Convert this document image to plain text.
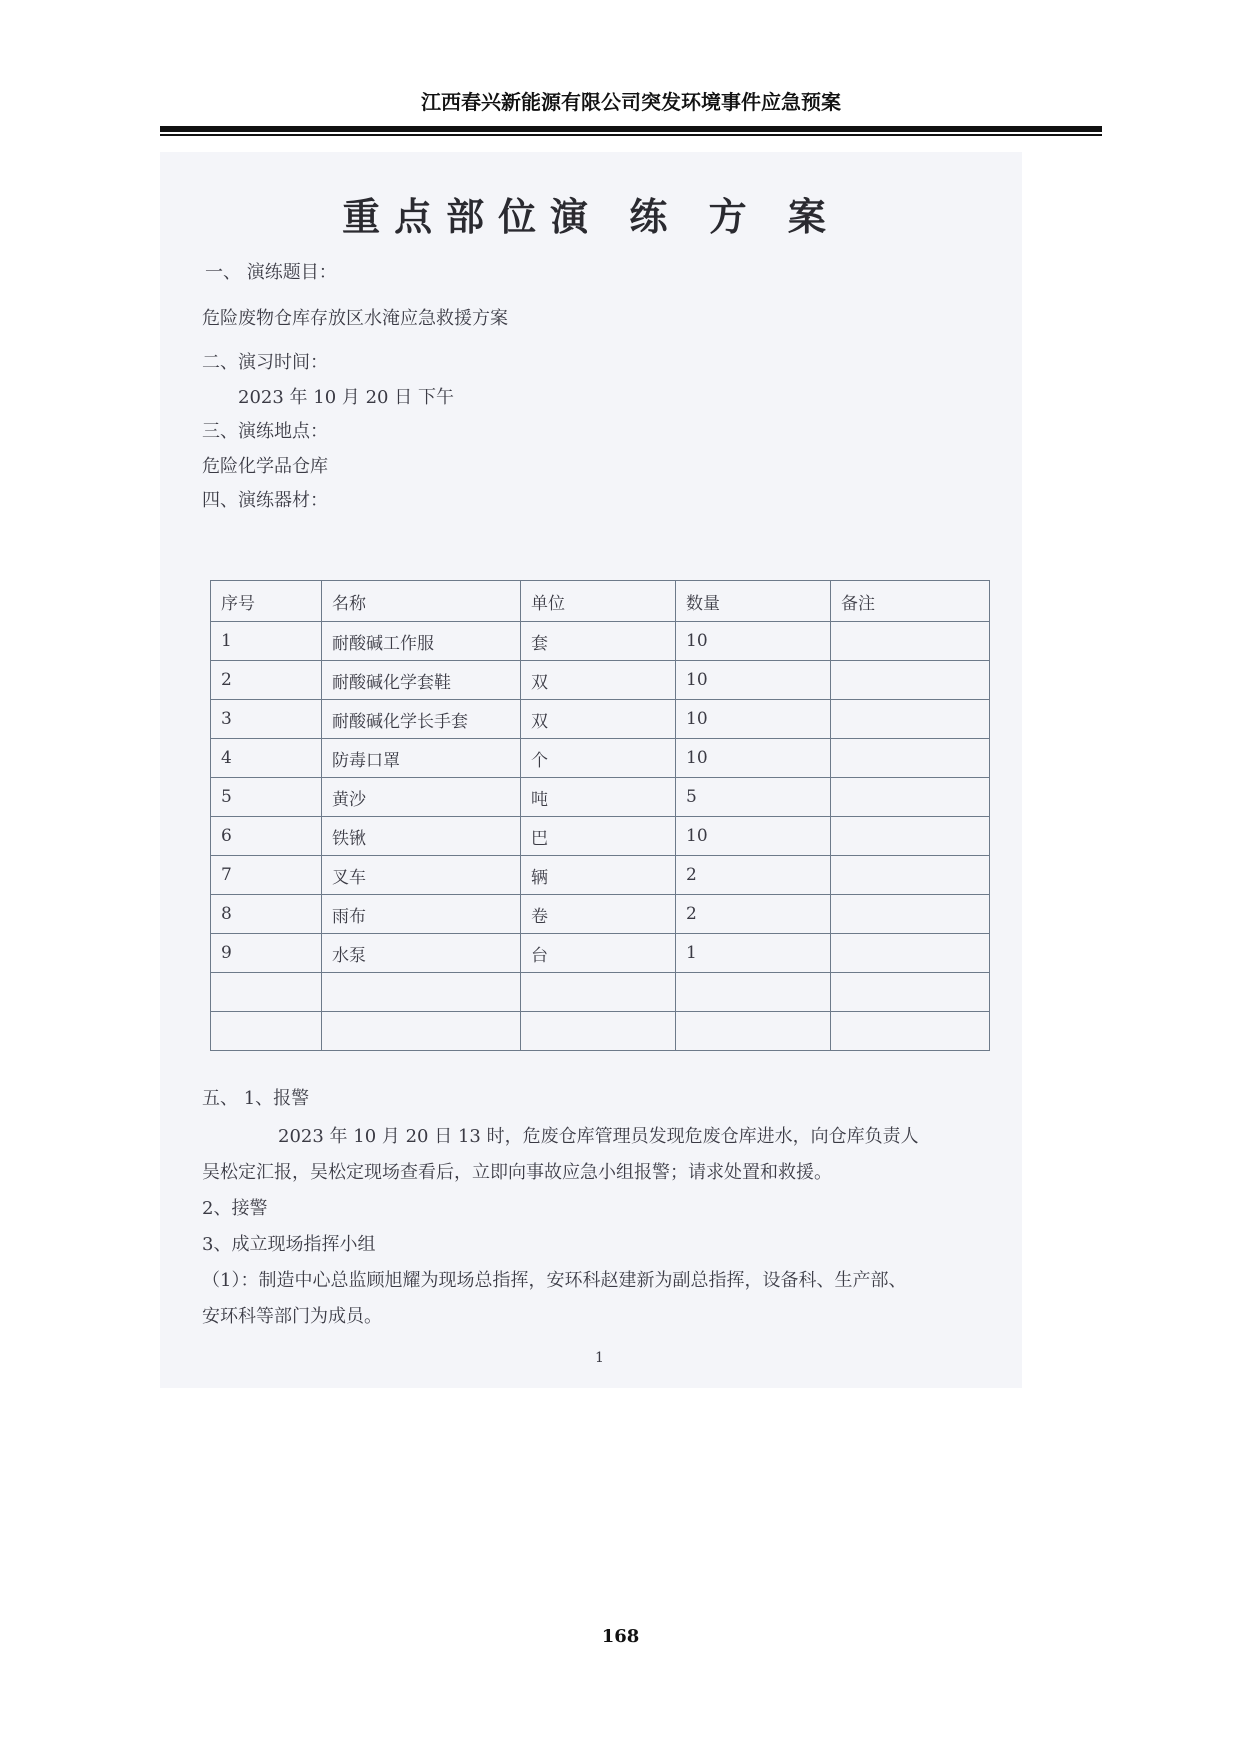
江西春兴新能源有限公司突发环境事件应急预案
重点部位演 练 方 案
一、 演练题目：
危险废物仓库存放区水淹应急救援方案
二、演习时间：
2023 年 10 月 20 日 下午
三、演练地点：
危险化学品仓库
四、演练器材：
序号	名称	单位	数量	备注
1	耐酸碱工作服	套	10	
2	耐酸碱化学套鞋	双	10	
3	耐酸碱化学长手套	双	10	
4	防毒口罩	个	10	
5	黄沙	吨	5	
6	铁锹	巴	10	
7	叉车	辆	2	
8	雨布	卷	2	
9	水泵	台	1	

五、 1、报警
2023 年 10 月 20 日 13 时，危废仓库管理员发现危废仓库进水，向仓库负责人
吴松定汇报，吴松定现场查看后，立即向事故应急小组报警；请求处置和救援。
2、接警
3、成立现场指挥小组
（1）：制造中心总监顾旭耀为现场总指挥，安环科赵建新为副总指挥，设备科、生产部、
安环科等部门为成员。
1
168
